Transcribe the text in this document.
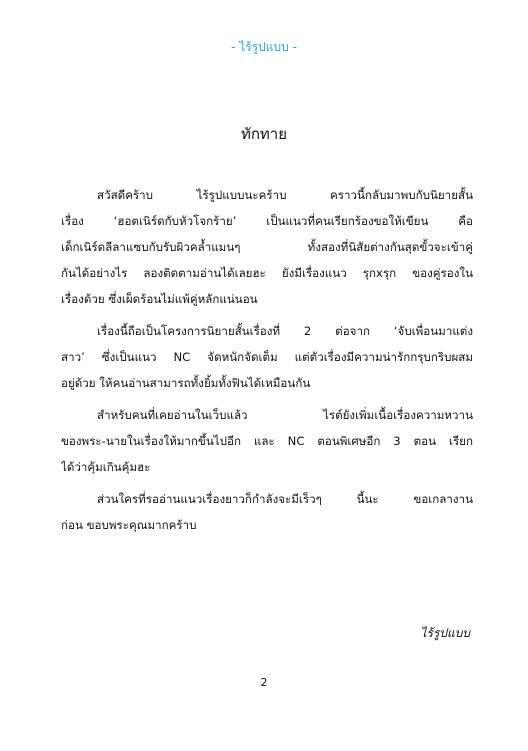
- ไร้รูปแบบ -
ทักทาย
สวัสดีคร้าบ ไร้รูปแบบนะคร้าบ คราวนี้กลับมาพบกับนิยายสั้น
เรื่อง ‘ฮอตเนิร์ดกับหัวโจกร้าย’ เป็นแนวที่คนเรียกร้องขอให้เขียน คือ
เด็กเนิร์ดลีลาแซบกับรับผิวคล้ำแมนๆ ทั้งสองที่นิสัยต่างกันสุดขั้วจะเข้าคู่
กันได้อย่างไร ลองติดตามอ่านได้เลยฮะ ยังมีเรื่องแนว รุกxรุก ของคู่รองใน
เรื่องด้วย ซึ่งเผ็ดร้อนไม่แพ้คู่หลักแน่นอน
เรื่องนี้ถือเป็นโครงการนิยายสั้นเรื่องที่ 2 ต่อจาก ‘จับเพื่อนมาแต่ง
สาว’ ซึ่งเป็นแนว NC จัดหนักจัดเต็ม แต่ตัวเรื่องมีความน่ารักกรุบกริบผสม
อยู่ด้วย ให้คนอ่านสามารถทั้งยิ้มทั้งฟินได้เหมือนกัน
สำหรับคนที่เคยอ่านในเว็บแล้ว ไรต์ยังเพิ่มเนื้อเรื่องความหวาน
ของพระ-นายในเรื่องให้มากขึ้นไปอีก และ NC ตอนพิเศษอีก 3 ตอน เรียก
ได้ว่าคุ้มเกินคุ้มฮะ
ส่วนใครที่รออ่านแนวเรื่องยาวก็กำลังจะมีเร็วๆ นี้นะ ขอเกลางาน
ก่อน ขอบพระคุณมากคร้าบ
ไร้รูปแบบ
2
